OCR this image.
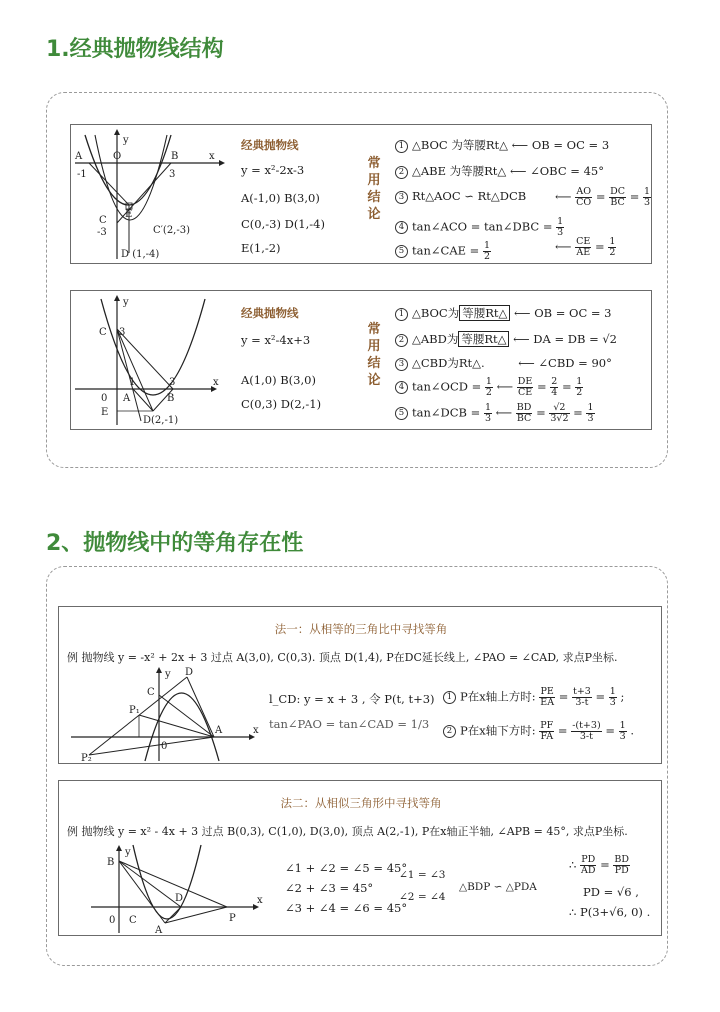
1.经典抛物线结构
y
x
A	O	B
-1	3
C
-3
E
C′(2,-3)
D (1,-4)
经典抛物线
y = x²-2x-3
A(-1,0) B(3,0)
C(0,-3) D(1,-4)
E(1,-2)
常
用
结
论
1 △BOC 为等腰Rt△ ⟵ OB = OC = 3
2 △ABE 为等腰Rt△ ⟵ ∠OBC = 45°
3 Rt△AOC ∽ Rt△DCB	⟵ $\frac{AO}{CO} = \frac{DC}{BC} = \frac{1}{3}$
4 tan∠ACO = tan∠DBC = $\frac{1}{3}$
5 tan∠CAE = $\frac{1}{2}$	⟵ $\frac{CE}{AE} = \frac{1}{2}$
y
x
C 3
1	3
0 A	B
E
D(2,-1)
经典抛物线
y = x²-4x+3
A(1,0) B(3,0)
C(0,3) D(2,-1)
常
用
结
论
1 △BOC为 等腰Rt△ ⟵ OB = OC = 3
2 △ABD为 等腰Rt△ ⟵ DA = DB = √2
3 △CBD为Rt△.	⟵ ∠CBD = 90°
4 tan∠OCD = $\frac{1}{2}$ ⟵ $\frac{DE}{CE} = \frac{2}{4} = \frac{1}{2}$
5 tan∠DCB = $\frac{1}{3}$ ⟵ $\frac{BD}{BC} = \frac{√2}{3√2} = \frac{1}{3}$
2、抛物线中的等角存在性
法一：从相等的三角比中寻找等角
例 抛物线 y = -x² + 2x + 3 过点 A(3,0), C(0,3). 顶点 D(1,4), P在DC延长线上, ∠PAO = ∠CAD, 求点P坐标.
y
x
D
C
P₁
P₂
A
0
l_CD: y = x + 3 , 令 P(t, t+3)
tan∠PAO = tan∠CAD = 1/3
1 P在x轴上方时: $\frac{PE}{EA} = \frac{t+3}{3-t} = \frac{1}{3}$ ;
2 P在x轴下方时: $\frac{PF}{FA} = \frac{-(t+3)}{3-t} = \frac{1}{3}$ .
法二：从相似三角形中寻找等角
例 抛物线 y = x² - 4x + 3 过点 B(0,3), C(1,0), D(3,0), 顶点 A(2,-1), P在x轴正半轴, ∠APB = 45°, 求点P坐标.
y
x
B
0 C
D
A
P
∠1 + ∠2 = ∠5 = 45°
∠2 + ∠3 = 45°
∠3 + ∠4 = ∠6 = 45°
∠1 = ∠3
∠2 = ∠4
△BDP ∽ △PDA
∴ $\frac{PD}{AD} = \frac{BD}{PD}$
PD = √6 ,
∴ P(3+√6, 0) .
